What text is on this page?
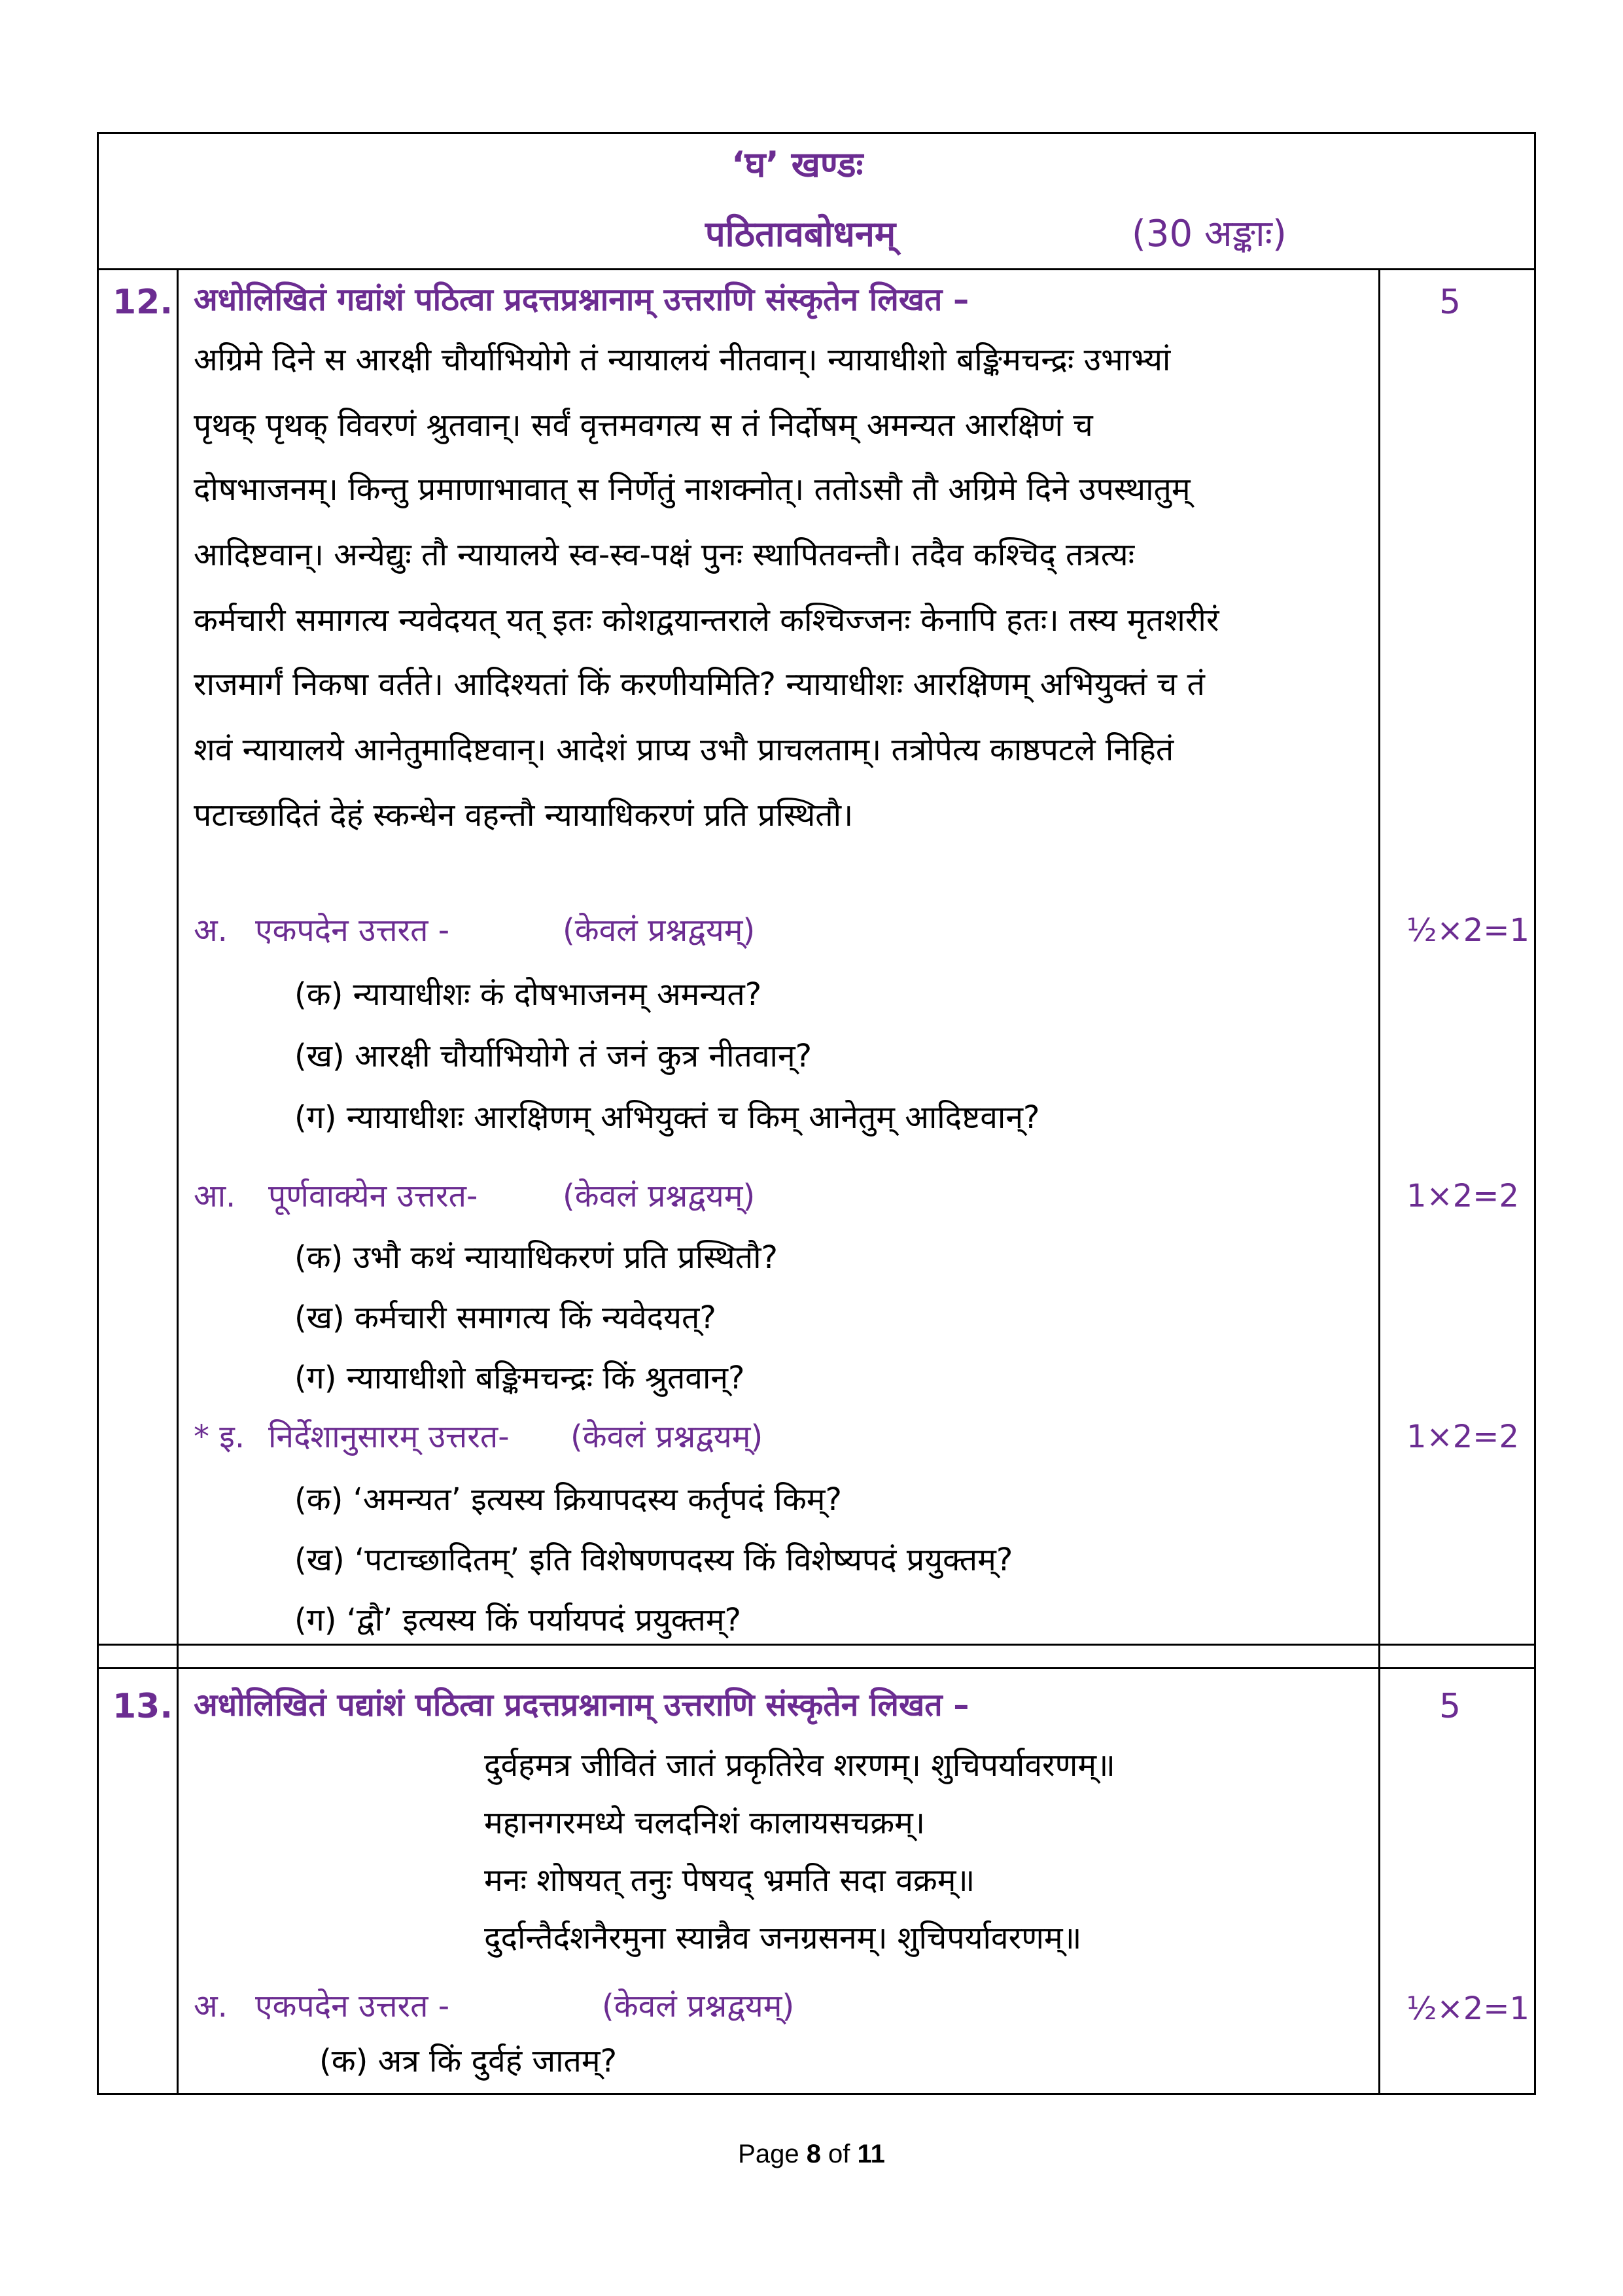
‘घ’ खण्डः
पठितावबोधनम्	(30 अङ्काः)
12. अधोलिखितं गद्यांशं पठित्वा प्रदत्तप्रश्नानाम् उत्तराणि संस्कृतेन लिखत –	5
अग्रिमे दिने स आरक्षी चौर्याभियोगे तं न्यायालयं नीतवान्। न्यायाधीशो बङ्किमचन्द्रः उभाभ्यां
पृथक् पृथक् विवरणं श्रुतवान्। सर्वं वृत्तमवगत्य स तं निर्दोषम् अमन्यत आरक्षिणं च
दोषभाजनम्। किन्तु प्रमाणाभावात् स निर्णेतुं नाशक्नोत्। ततोऽसौ तौ अग्रिमे दिने उपस्थातुम्
आदिष्टवान्। अन्येद्युः तौ न्यायालये स्व-स्व-पक्षं पुनः स्थापितवन्तौ। तदैव कश्चिद् तत्रत्यः
कर्मचारी समागत्य न्यवेदयत् यत् इतः कोशद्वयान्तराले कश्चिज्जनः केनापि हतः। तस्य मृतशरीरं
राजमार्गं निकषा वर्तते। आदिश्यतां किं करणीयमिति? न्यायाधीशः आरक्षिणम् अभियुक्तं च तं
शवं न्यायालये आनेतुमादिष्टवान्। आदेशं प्राप्य उभौ प्राचलताम्। तत्रोपेत्य काष्ठपटले निहितं
पटाच्छादितं देहं स्कन्धेन वहन्तौ न्यायाधिकरणं प्रति प्रस्थितौ।
अ. एकपदेन उत्तरत -	(केवलं प्रश्नद्वयम्)	½×2=1
(क) न्यायाधीशः कं दोषभाजनम् अमन्यत?
(ख) आरक्षी चौर्याभियोगे तं जनं कुत्र नीतवान्?
(ग) न्यायाधीशः आरक्षिणम् अभियुक्तं च किम् आनेतुम् आदिष्टवान्?
आ. पूर्णवाक्येन उत्तरत-	(केवलं प्रश्नद्वयम्)	1×2=2
(क) उभौ कथं न्यायाधिकरणं प्रति प्रस्थितौ?
(ख) कर्मचारी समागत्य किं न्यवेदयत्?
(ग) न्यायाधीशो बङ्किमचन्द्रः किं श्रुतवान्?
* इ. निर्देशानुसारम् उत्तरत- (केवलं प्रश्नद्वयम्)	1×2=2
(क) ‘अमन्यत’ इत्यस्य क्रियापदस्य कर्तृपदं किम्?
(ख) ‘पटाच्छादितम्’ इति विशेषणपदस्य किं विशेष्यपदं प्रयुक्तम्?
(ग) ‘द्वौ’ इत्यस्य किं पर्यायपदं प्रयुक्तम्?
13. अधोलिखितं पद्यांशं पठित्वा प्रदत्तप्रश्नानाम् उत्तराणि संस्कृतेन लिखत –	5
दुर्वहमत्र जीवितं जातं प्रकृतिरेव शरणम्। शुचिपर्यावरणम्॥
महानगरमध्ये चलदनिशं कालायसचक्रम्।
मनः शोषयत् तनुः पेषयद् भ्रमति सदा वक्रम्॥
दुर्दान्तैर्दशनैरमुना स्यान्नैव जनग्रसनम्। शुचिपर्यावरणम्॥
अ. एकपदेन उत्तरत -	(केवलं प्रश्नद्वयम्)	½×2=1
(क) अत्र किं दुर्वहं जातम्?
Page 8 of 11
